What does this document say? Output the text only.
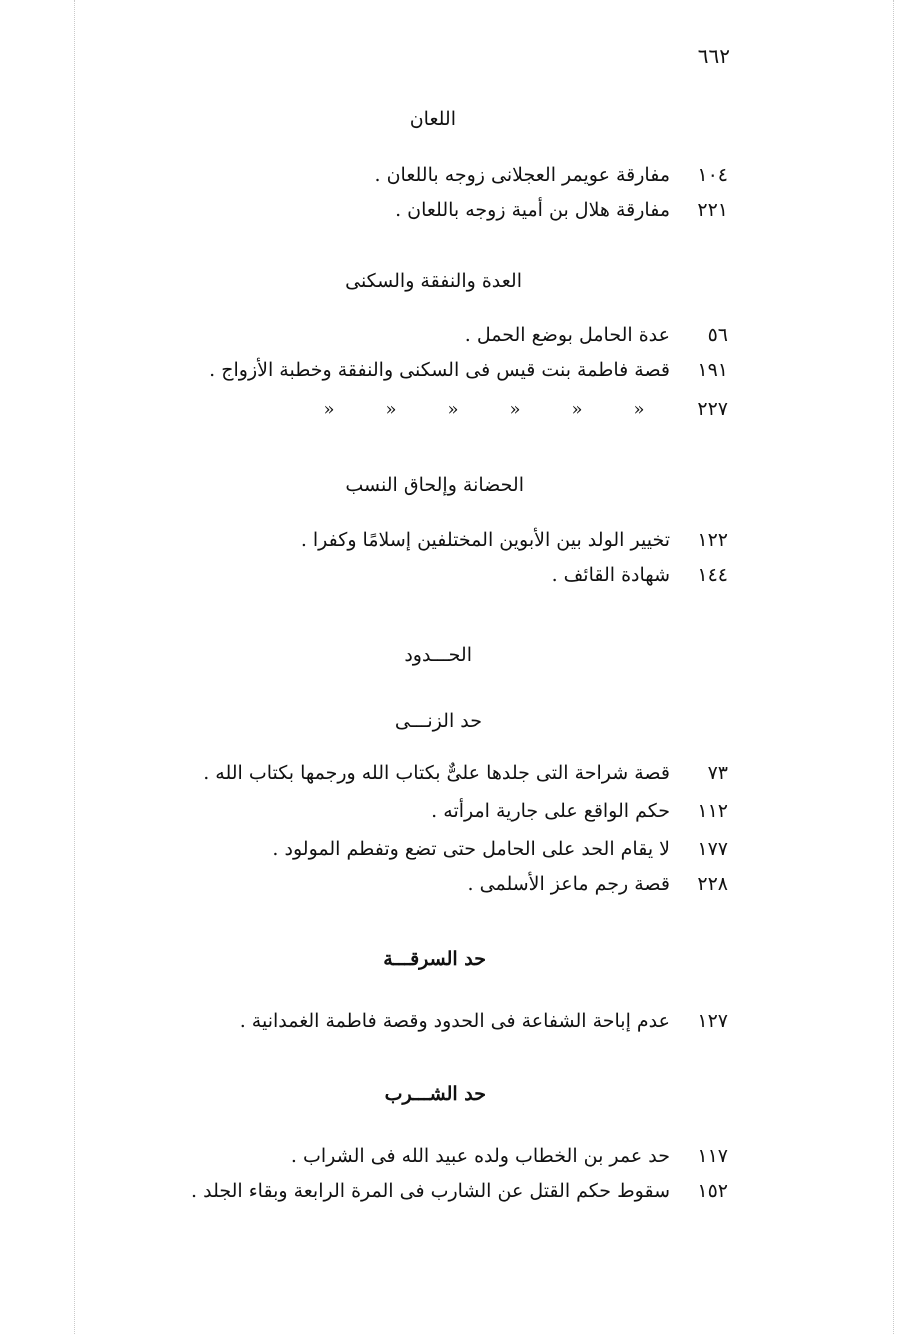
٦٦٢
اللعان
١٠٤
مفارقة عويمر العجلانى زوجه باللعان .
٢٢١
مفارقة هلال بن أمية زوجه باللعان .
العدة والنفقة والسكنى
٥٦
عدة الحامل بوضع الحمل .
١٩١
قصة فاطمة بنت قيس فى السكنى والنفقة وخطبة الأزواج .
٢٢٧
«
«
«
«
«
«
الحضانة وإلحاق النسب
١٢٢
تخيير الولد بين الأبوين المختلفين إسلامًا وكفرا .
١٤٤
شهادة القائف .
الحـــدود
حد الزنـــى
٧٣
قصة شراحة التى جلدها علىٌّ بكتاب الله ورجمها بكتاب الله .
١١٢
حكم الواقع على جارية امرأته .
١٧٧
لا يقام الحد على الحامل حتى تضع وتفطم المولود .
٢٢٨
قصة رجم ماعز الأسلمى .
حد السرقـــة
١٢٧
عدم إباحة الشفاعة فى الحدود وقصة فاطمة الغمدانية .
حد الشـــرب
١١٧
حد عمر بن الخطاب ولده عبيد الله فى الشراب .
١٥٢
سقوط حكم القتل عن الشارب فى المرة الرابعة وبقاء الجلد .
